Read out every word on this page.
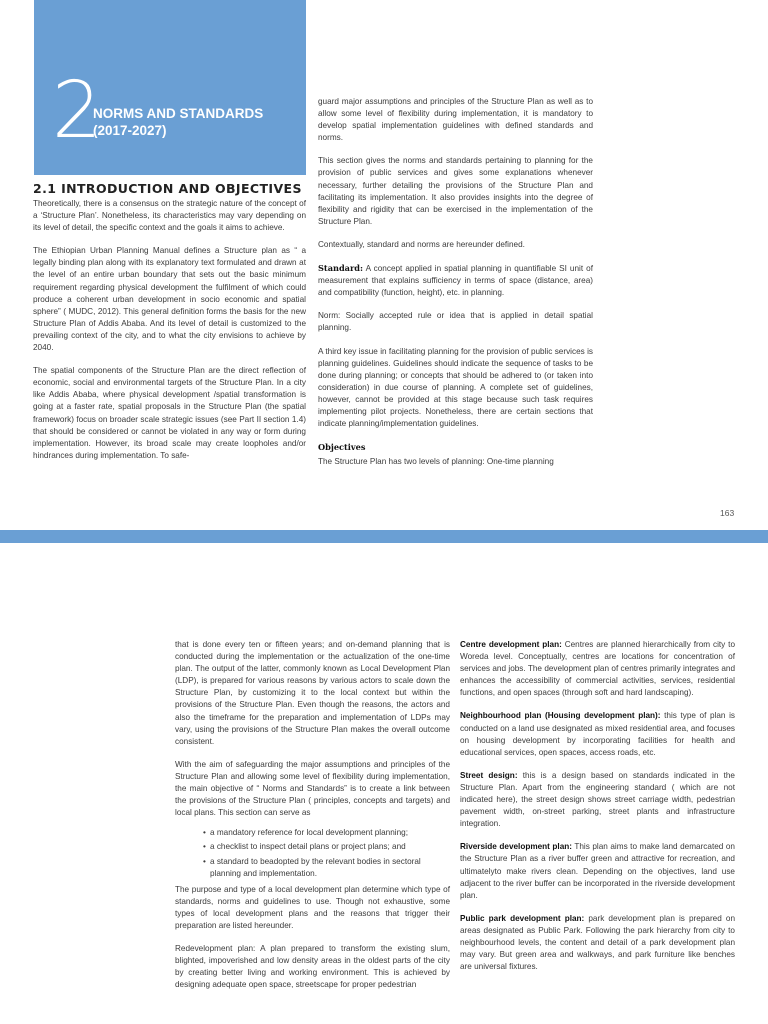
2
NORMS AND STANDARDS
(2017-2027)
2.1 INTRODUCTION AND OBJECTIVES

Theoretically, there is a consensus on the strategic nature of the concept of a ‘Structure Plan’. Nonetheless, its characteristics may vary depending on its level of detail, the specific context and the goals it aims to achieve.

The Ethiopian Urban Planning Manual defines a Structure plan as “ a legally binding plan along with its explanatory text formulated and drawn at the level of an entire urban boundary that sets out the basic minimum requirement regarding physical development the fulfilment of which could produce a coherent urban development in socio economic and spatial sphere” ( MUDC, 2012). This general definition forms the basis for the new Structure Plan of Addis Ababa. And its level of detail is customized to the prevailing context of the city, and to what the city envisions to achieve by 2040.

The spatial components of the Structure Plan are the direct reflection of economic, social and environmental targets of the Structure Plan. In a city like Addis Ababa, where physical development /spatial transformation is going at a faster rate, spatial proposals in the Structure Plan (the spatial framework) focus on broader scale strategic issues (see Part II section 1.4) that should be considered or cannot be violated in any way or form during implementation. However, its broad scale may create loopholes and/or hindrances during implementation. To safe-

guard major assumptions and principles of the Structure Plan as well as to allow some level of flexibility during implementation, it is mandatory to develop spatial implementation guidelines with defined standards and norms.

This section gives the norms and standards pertaining to planning for the provision of public services and gives some explanations whenever necessary, further detailing the provisions of the Structure Plan and facilitating its implementation. It also provides insights into the degree of flexibility and rigidity that can be exercised in the implementation of the Structure Plan.

Contextually, standard and norms are hereunder defined.

Standard: A concept applied in spatial planning in quantifiable SI unit of measurement that explains sufficiency in terms of space (distance, area) and compatibility (function, height), etc. in planning.

Norm: Socially accepted rule or idea that is applied in detail spatial planning.

A third key issue in facilitating planning for the provision of public services is planning guidelines. Guidelines should indicate the sequence of tasks to be done during planning; or concepts that should be adhered to (or taken into consideration) in due course of planning. A complete set of guidelines, however, cannot be provided at this stage because such task requires implementing pilot projects. Nonetheless, there are certain sections that indicate planning/implementation guidelines.

Objectives

The Structure Plan has two levels of planning: One-time planning

163

that is done every ten or fifteen years; and on-demand planning that is conducted during the implementation or the actualization of the one-time plan. The output of the latter, commonly known as Local Development Plan (LDP), is prepared for various reasons by various actors to scale down the Structure Plan, by customizing it to the local context but within the provisions of the Structure Plan. Even though the reasons, the actors and also the timeframe for the preparation and implementation of LDPs may vary, using the provisions of the Structure Plan makes the overall outcome consistent.

With the aim of safeguarding the major assumptions and principles of the Structure Plan and allowing some level of flexibility during implementation, the main objective of “ Norms and Standards” is to create a link between the provisions of the Structure Plan ( principles, concepts and targets) and local plans. This section can serve as

• a mandatory reference for local development planning;
• a checklist to inspect detail plans or project plans; and
• a standard to beadopted by the relevant bodies in sectoral planning and implementation.

The purpose and type of a local development plan determine which type of standards, norms and guidelines to use. Though not exhaustive, some types of local development plans and the reasons that trigger their preparation are listed hereunder.

Redevelopment plan: A plan prepared to transform the existing slum, blighted, impoverished and low density areas in the oldest parts of the city by creating better living and working environment. This is achieved by designing adequate open space, streetscape for proper pedestrian

Centre development plan: Centres are planned hierarchically from city to Woreda level. Conceptually, centres are locations for concentration of services and jobs. The development plan of centres primarily integrates and enhances the accessibility of commercial activities, services, residential functions, and open spaces (through soft and hard landscaping).

Neighbourhood plan (Housing development plan): this type of plan is conducted on a land use designated as mixed residential area, and focuses on housing development by incorporating facilities for health and educational services, open spaces, access roads, etc.

Street design: this is a design based on standards indicated in the Structure Plan. Apart from the engineering standard ( which are not indicated here), the street design shows street carriage width, pedestrian pavement width, on-street parking, street plants and infrastructure integration.

Riverside development plan: This plan aims to make land demarcated on the Structure Plan as a river buffer green and attractive for recreation, and ultimatelyto make rivers clean. Depending on the objectives, land use adjacent to the river buffer can be incorporated in the riverside development plan.

Public park development plan: park development plan is prepared on areas designated as Public Park. Following the park hierarchy from city to neighbourhood levels, the content and detail of a park development plan may vary. But green area and walkways, and park furniture like benches are universal fixtures.
